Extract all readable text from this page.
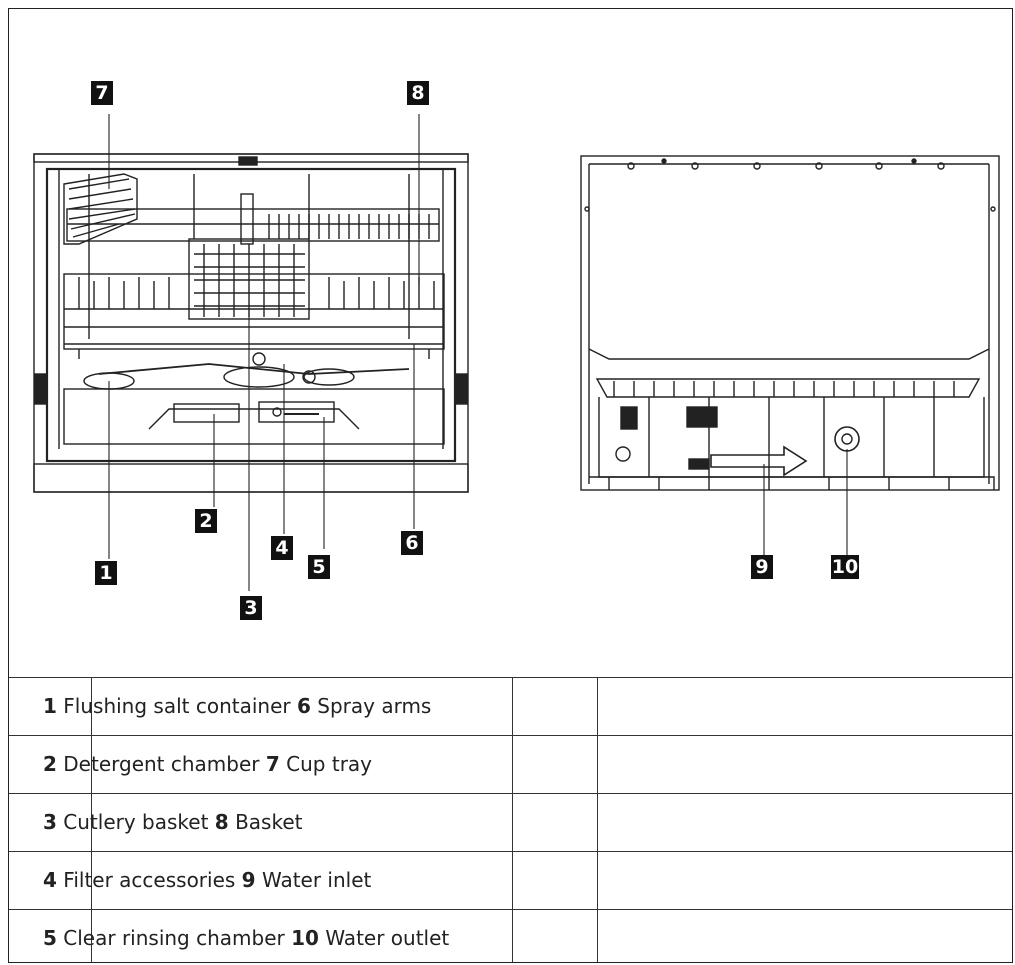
7	8
2
4	6
5
1
3
9	10
1 Flushing salt container 6 Spray arms			

2 Detergent chamber 7 Cup tray			

3 Cutlery basket 8 Basket			

4 Filter accessories 9 Water inlet			

5 Clear rinsing chamber 10 Water outlet			
